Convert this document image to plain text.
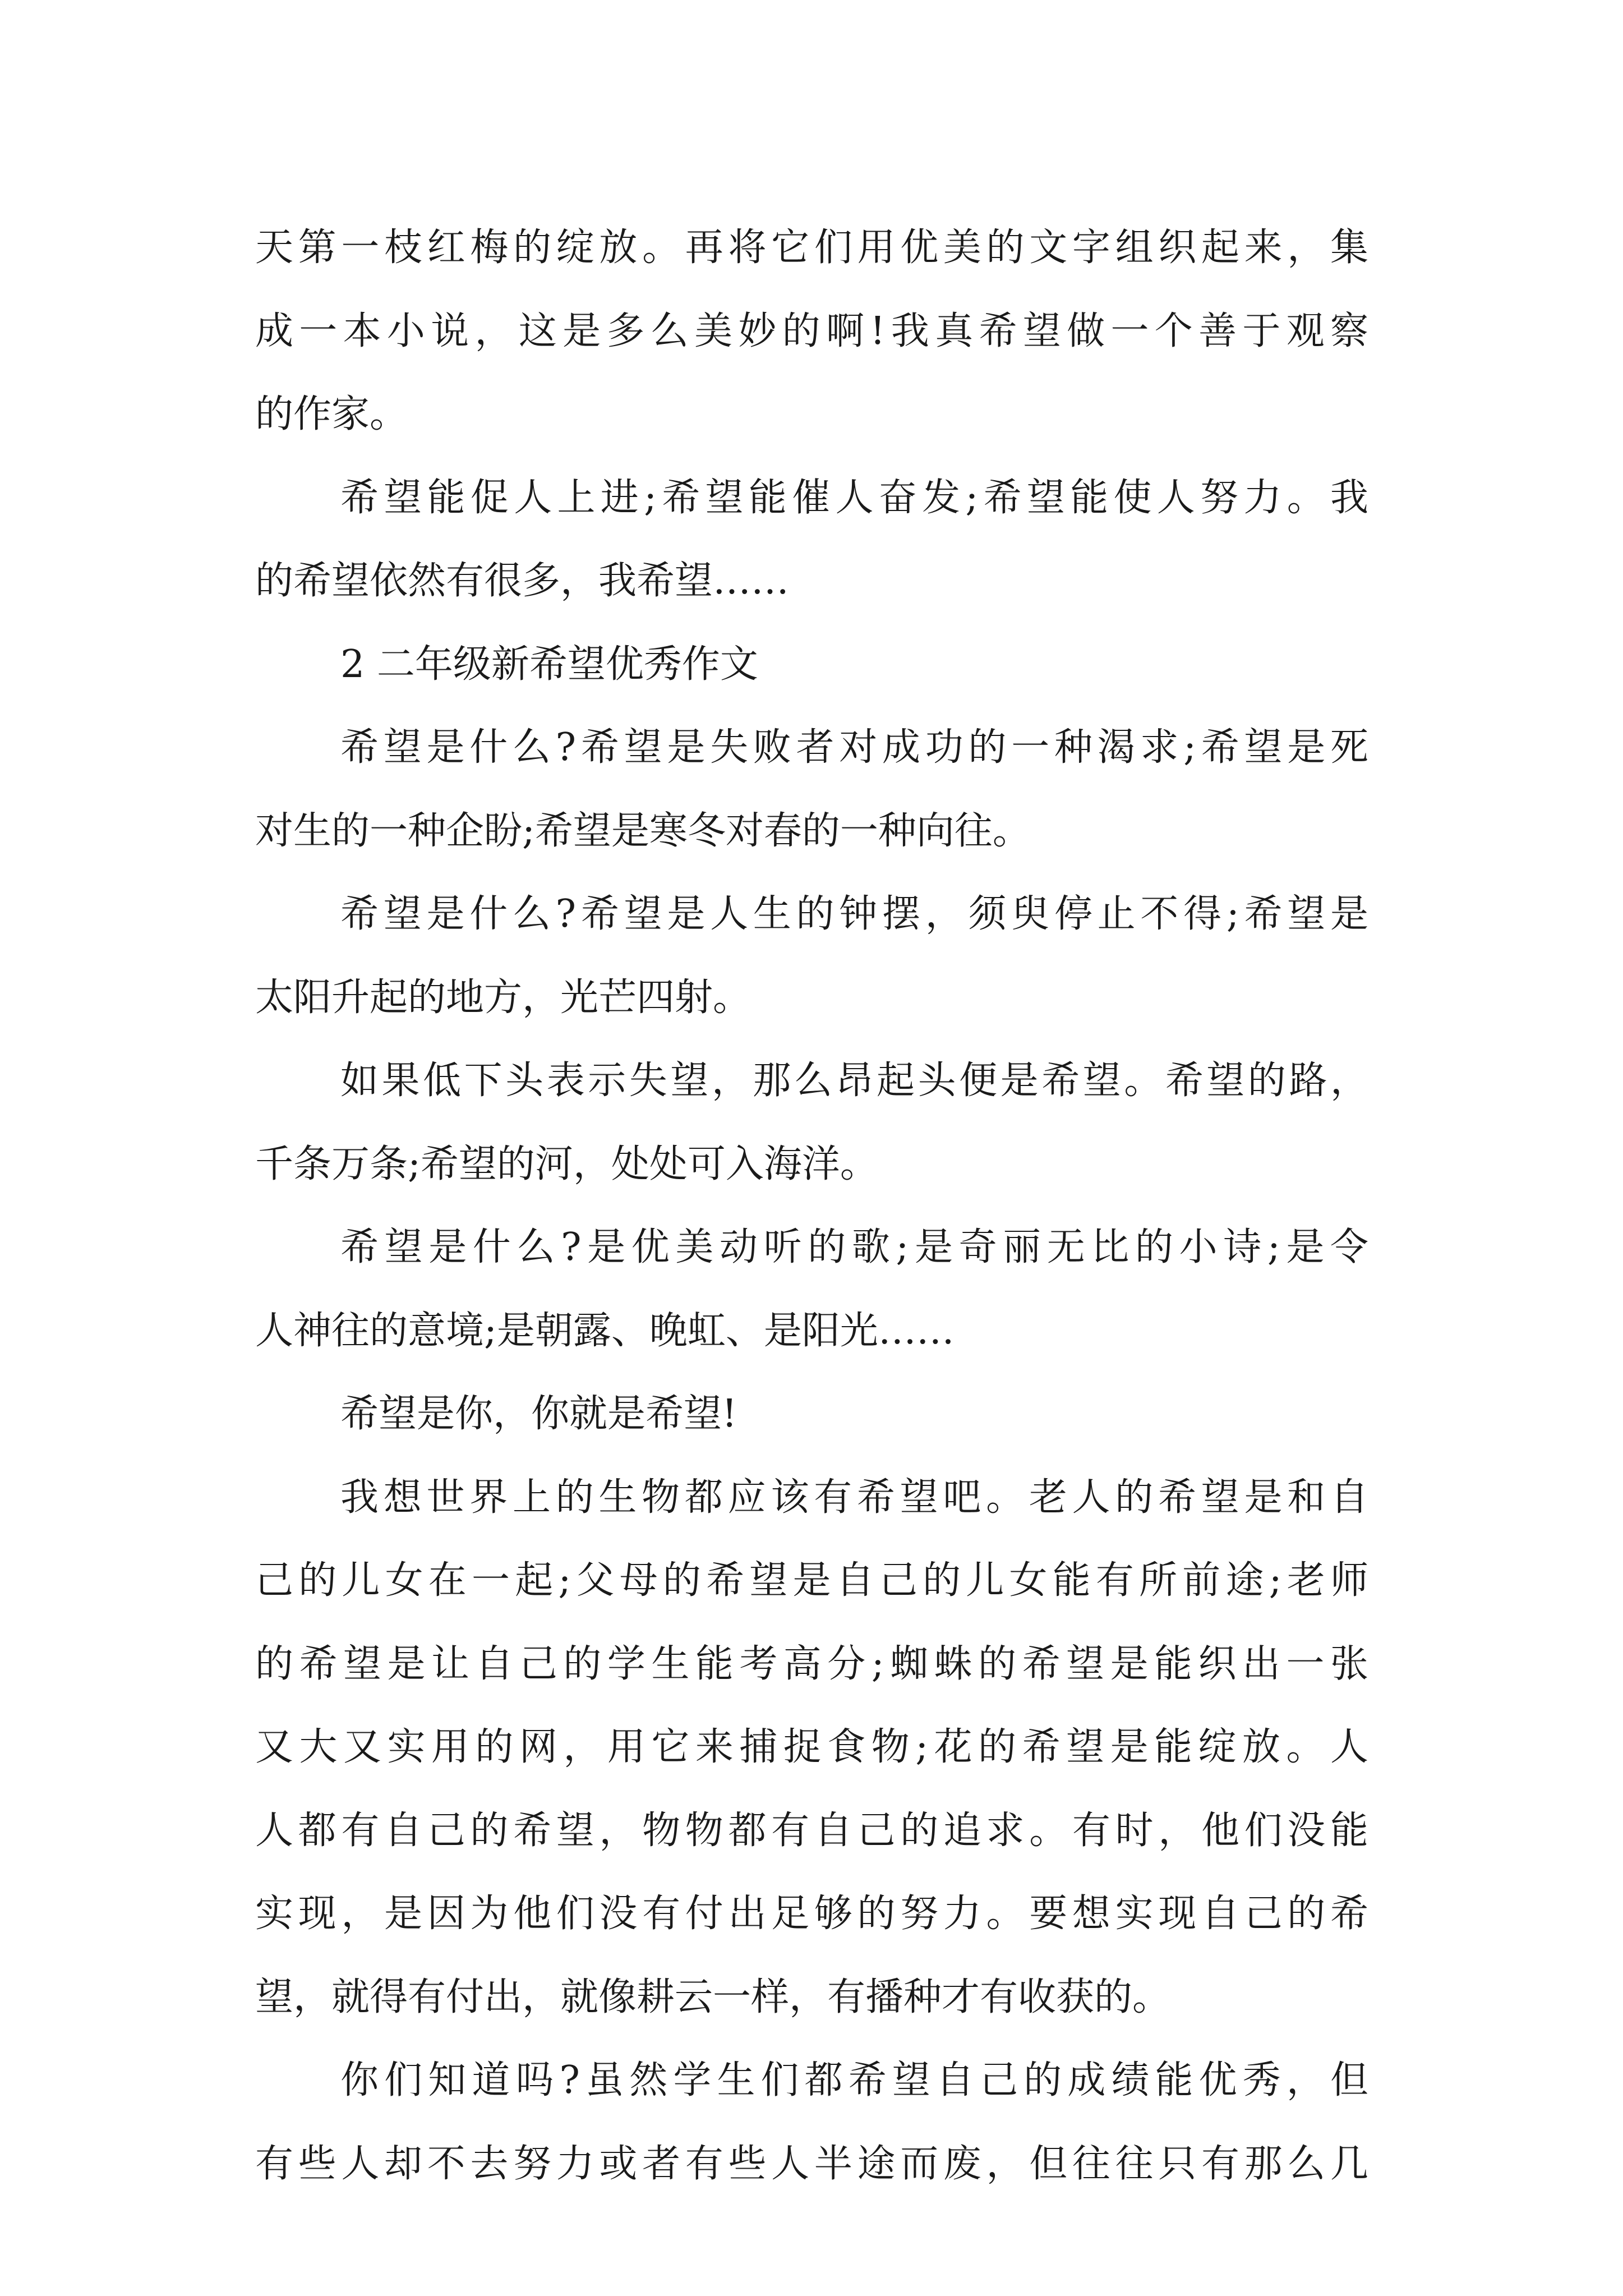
天第一枝红梅的绽放。再将它们用优美的文字组织起来，集
成一本小说，这是多么美妙的啊!我真希望做一个善于观察
的作家。
希望能促人上进;希望能催人奋发;希望能使人努力。我
的希望依然有很多，我希望……
2 二年级新希望优秀作文
希望是什么?希望是失败者对成功的一种渴求;希望是死
对生的一种企盼;希望是寒冬对春的一种向往。
希望是什么?希望是人生的钟摆，须臾停止不得;希望是
太阳升起的地方，光芒四射。
如果低下头表示失望，那么昂起头便是希望。希望的路，
千条万条;希望的河，处处可入海洋。
希望是什么?是优美动听的歌;是奇丽无比的小诗;是令
人神往的意境;是朝露、晚虹、是阳光……
希望是你，你就是希望!
我想世界上的生物都应该有希望吧。老人的希望是和自
己的儿女在一起;父母的希望是自己的儿女能有所前途;老师
的希望是让自己的学生能考高分;蜘蛛的希望是能织出一张
又大又实用的网，用它来捕捉食物;花的希望是能绽放。人
人都有自己的希望，物物都有自己的追求。有时，他们没能
实现，是因为他们没有付出足够的努力。要想实现自己的希
望，就得有付出，就像耕云一样，有播种才有收获的。
你们知道吗?虽然学生们都希望自己的成绩能优秀，但
有些人却不去努力或者有些人半途而废，但往往只有那么几
